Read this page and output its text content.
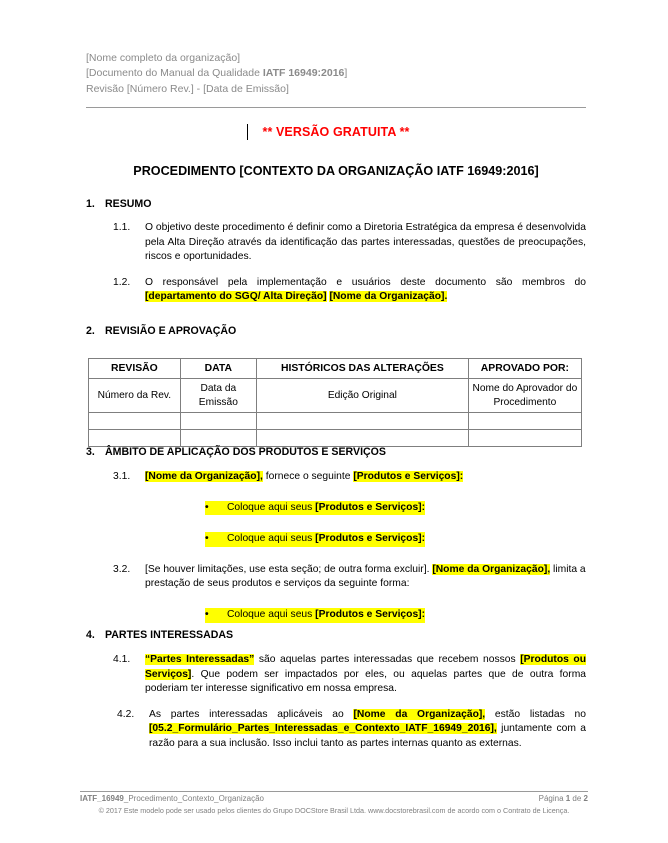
[Nome completo da organização]
[Documento do Manual da Qualidade IATF 16949:2016]
Revisão [Número Rev.] - [Data de Emissão]
** VERSÃO GRATUITA **
PROCEDIMENTO [CONTEXTO DA ORGANIZAÇÃO IATF 16949:2016]
1. RESUMO
1.1.	O objetivo deste procedimento é definir como a Diretoria Estratégica da empresa é desenvolvida pela Alta Direção através da identificação das partes interessadas, questões de preocupações, riscos e oportunidades.
1.2.	O responsável pela implementação e usuários deste documento são membros do [departamento do SGQ/ Alta Direção] [Nome da Organização].
2. REVISIÃO E APROVAÇÃO
REVISÃO	DATA	HISTÓRICOS DAS ALTERAÇÕES	APROVADO POR:
Número da Rev.	Data da Emissão	Edição Original	Nome do Aprovador do Procedimento

3. ÂMBITO DE APLICAÇÃO DOS PRODUTOS E SERVIÇOS
3.1.	[Nome da Organização], fornece o seguinte [Produtos e Serviços]:
•	Coloque aqui seus [Produtos e Serviços]:
•	Coloque aqui seus [Produtos e Serviços]:
3.2.	[Se houver limitações, use esta seção; de outra forma excluir]. [Nome da Organização], limita a prestação de seus produtos e serviços da seguinte forma:
•	Coloque aqui seus [Produtos e Serviços]:
4. PARTES INTERESSADAS
4.1.	“Partes Interessadas” são aquelas partes interessadas que recebem nossos [Produtos ou Serviços]. Que podem ser impactados por eles, ou aquelas partes que de outra forma poderiam ter interesse significativo em nossa empresa.
4.2.	As partes interessadas aplicáveis ao [Nome da Organização], estão listadas no [05.2_Formulário_Partes_Interessadas_e_Contexto_IATF_16949_2016], juntamente com a razão para a sua inclusão. Isso inclui tanto as partes internas quanto as externas.
IATF_16949_Procedimento_Contexto_Organização	Página 1 de 2
© 2017 Este modelo pode ser usado pelos clientes do Grupo DOCStore Brasil Ltda. www.docstorebrasil.com de acordo com o Contrato de Licença.
